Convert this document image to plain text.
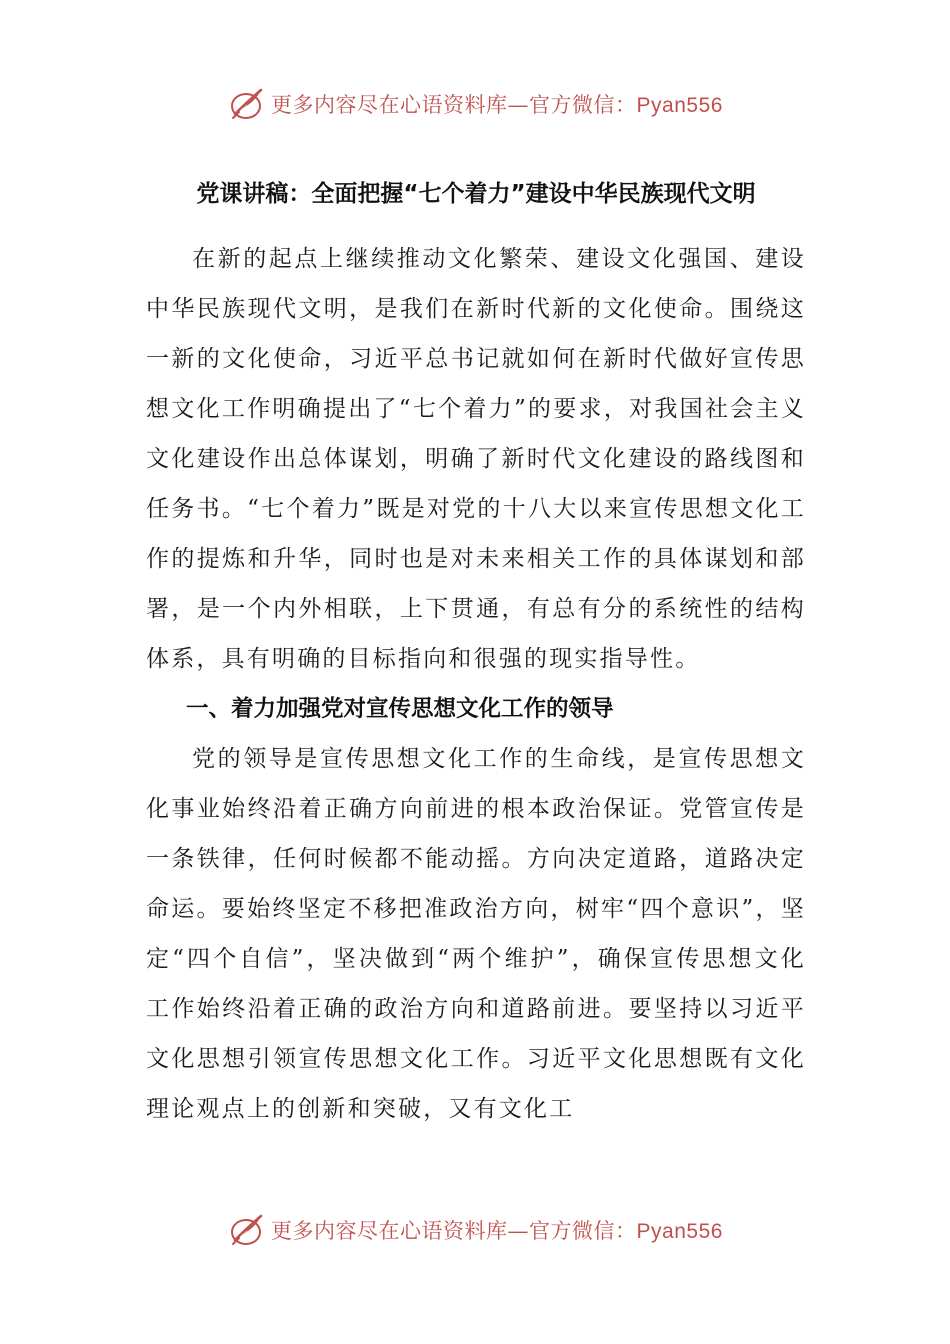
更多内容尽在心语资料库—官方微信：Pyan556
党课讲稿：全面把握“七个着力”建设中华民族现代文明

在新的起点上继续推动文化繁荣、建设文化强国、建设中华民族现代文明，是我们在新时代新的文化使命。围绕这一新的文化使命，习近平总书记就如何在新时代做好宣传思想文化工作明确提出了“七个着力”的要求，对我国社会主义文化建设作出总体谋划，明确了新时代文化建设的路线图和任务书。“七个着力”既是对党的十八大以来宣传思想文化工作的提炼和升华，同时也是对未来相关工作的具体谋划和部署，是一个内外相联，上下贯通，有总有分的系统性的结构体系，具有明确的目标指向和很强的现实指导性。

一、着力加强党对宣传思想文化工作的领导

党的领导是宣传思想文化工作的生命线，是宣传思想文化事业始终沿着正确方向前进的根本政治保证。党管宣传是一条铁律，任何时候都不能动摇。方向决定道路，道路决定命运。要始终坚定不移把准政治方向，树牢“四个意识”，坚定“四个自信”，坚决做到“两个维护”，确保宣传思想文化工作始终沿着正确的政治方向和道路前进。要坚持以习近平文化思想引领宣传思想文化工作。习近平文化思想既有文化理论观点上的创新和突破，又有文化工

更多内容尽在心语资料库—官方微信：Pyan556
